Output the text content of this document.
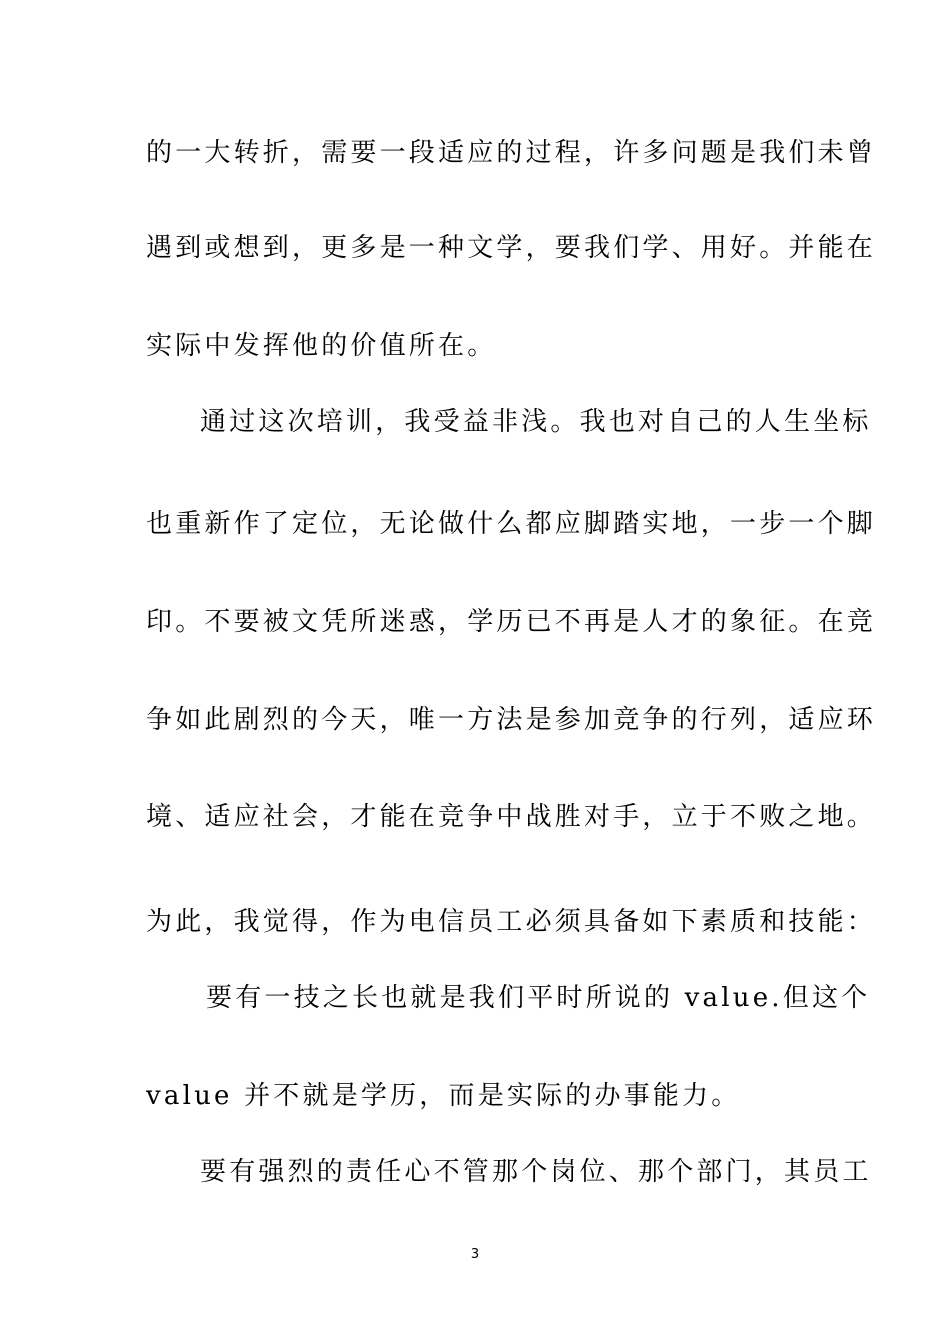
的一大转折，需要一段适应的过程，许多问题是我们未曾
遇到或想到，更多是一种文学，要我们学、用好。并能在
实际中发挥他的价值所在。
通过这次培训，我受益非浅。我也对自己的人生坐标
也重新作了定位，无论做什么都应脚踏实地，一步一个脚
印。不要被文凭所迷惑，学历已不再是人才的象征。在竞
争如此剧烈的今天，唯一方法是参加竞争的行列，适应环
境、适应社会，才能在竞争中战胜对手，立于不败之地。
为此，我觉得，作为电信员工必须具备如下素质和技能：
要有一技之长也就是我们平时所说的 value.但这个
value 并不就是学历，而是实际的办事能力。
要有强烈的责任心不管那个岗位、那个部门，其员工
3
